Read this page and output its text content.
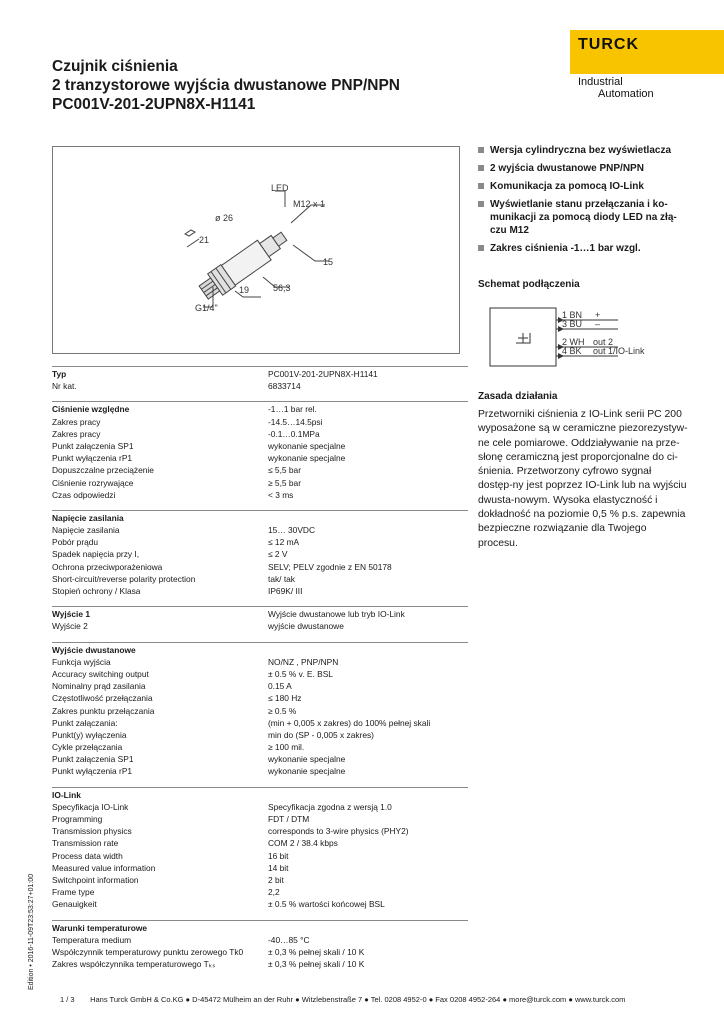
Czujnik ciśnienia
2 tranzystorowe wyjścia dwustanowe PNP/NPN
PC001V-201-2UPN8X-H1141
TURCK
Industrial
Automation
LED
M12 x 1
ø 26
21
15
19	56,3
G1/4"
Wersja cylindryczna bez wyświetlacza
2 wyjścia dwustanowe PNP/NPN
Komunikacja za pomocą IO-Link
Wyświetlanie stanu przełączania i ko-munikacji za pomocą diody LED na złą-czu M12
Zakres ciśnienia -1…1 bar wzgl.
Schemat podłączenia
1 BN +
3 BU –
2 WH out 2
4 BK out 1/IO-Link
Zasada działania
Przetworniki ciśnienia z IO-Link serii PC 200 wyposażone są w ceramiczne piezorezystyw-ne cele pomiarowe. Oddziaływanie na prze-słonę ceramiczną jest proporcjonalne do ci-śnienia. Przetworzony cyfrowo sygnał dostęp-ny jest poprzez IO-Link lub na wyjściu dwusta-nowym. Wysoka elastyczność i dokładność na poziomie 0,5 % p.s. zapewnia bezpieczne rozwiązanie dla Twojego procesu.
Typ	PC001V-201-2UPN8X-H1141
Nr kat.	6833714
Ciśnienie względne	-1…1 bar rel.
Zakres pracy	-14.5…14.5psi
Zakres pracy	-0.1…0.1MPa
Punkt załączenia SP1	wykonanie specjalne
Punkt wyłączenia rP1	wykonanie specjalne
Dopuszczalne przeciążenie	≤ 5,5 bar
Ciśnienie rozrywające	≥ 5,5 bar
Czas odpowiedzi	< 3 ms
Napięcie zasilania
Napięcie zasilania	15… 30VDC
Pobór prądu	≤ 12 mA
Spadek napięcia przy I,	≤ 2 V
Ochrona przeciwporażeniowa	SELV; PELV zgodnie z EN 50178
Short-circuit/reverse polarity protection	tak/ tak
Stopień ochrony / Klasa	IP69K/ III
Wyjście 1	Wyjście dwustanowe lub tryb IO-Link
Wyjście 2	wyjście dwustanowe
Wyjście dwustanowe
Funkcja wyjścia	NO/NZ , PNP/NPN
Accuracy switching output	± 0.5 % v. E. BSL
Nominalny prąd zasilania	0.15 A
Częstotliwość przełączania	≤ 180 Hz
Zakres punktu przełączania	≥ 0.5 %
Punkt załączania:	(min + 0,005 x zakres) do 100% pełnej skali
Punkt(y) wyłączenia	min do (SP - 0,005 x zakres)
Cykle przełączania	≥ 100 mil.
Punkt załączenia SP1	wykonanie specjalne
Punkt wyłączenia rP1	wykonanie specjalne
IO-Link
Specyfikacja IO-Link	Specyfikacja zgodna z wersją 1.0
Programming	FDT / DTM
Transmission physics	corresponds to 3-wire physics (PHY2)
Transmission rate	COM 2 / 38.4 kbps
Process data width	16 bit
Measured value information	14 bit
Switchpoint information	2 bit
Frame type	2,2
Genauigkeit	± 0.5 % wartości końcowej BSL
Warunki temperaturowe
Temperatura medium	-40…85 °C
Współczynnik temperaturowy punktu zerowego Tk0	± 0,3 % pełnej skali / 10 K
Zakres współczynnika temperaturowego Tₖₛ	± 0,3 % pełnej skali / 10 K
Edition • 2016-11-09T23:53:27+01:00
1 / 3 Hans Turck GmbH & Co.KG ● D-45472 Mülheim an der Ruhr ● Witzlebenstraße 7 ● Tel. 0208 4952-0 ● Fax 0208 4952-264 ● more@turck.com ● www.turck.com
